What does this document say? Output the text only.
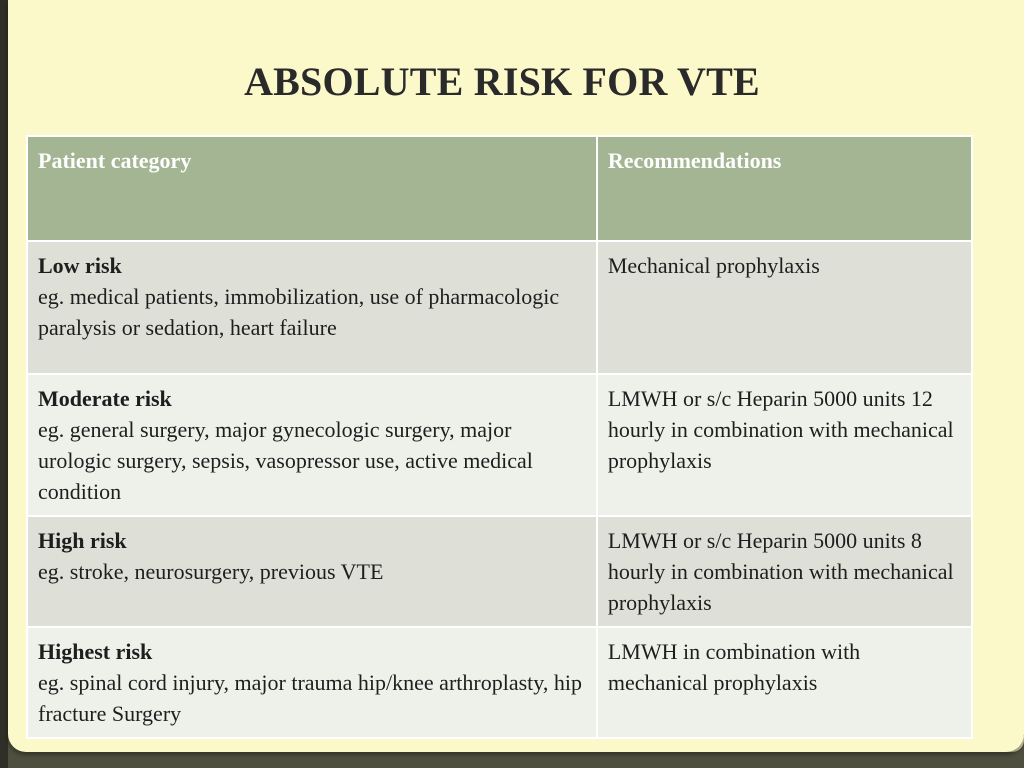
ABSOLUTE RISK FOR VTE
Patient category	Recommendations

Low risk
eg. medical patients, immobilization, use of pharmacologic paralysis or sedation, heart failure	Mechanical prophylaxis

Moderate risk
eg. general surgery, major gynecologic surgery, major urologic surgery, sepsis, vasopressor use, active medical condition	LMWH or s/c Heparin 5000 units 12 hourly in combination with mechanical prophylaxis

High risk
eg. stroke, neurosurgery, previous VTE	LMWH or s/c Heparin 5000 units 8 hourly in combination with mechanical prophylaxis

Highest risk
eg. spinal cord injury, major trauma hip/knee arthroplasty, hip fracture Surgery	LMWH in combination with mechanical prophylaxis
